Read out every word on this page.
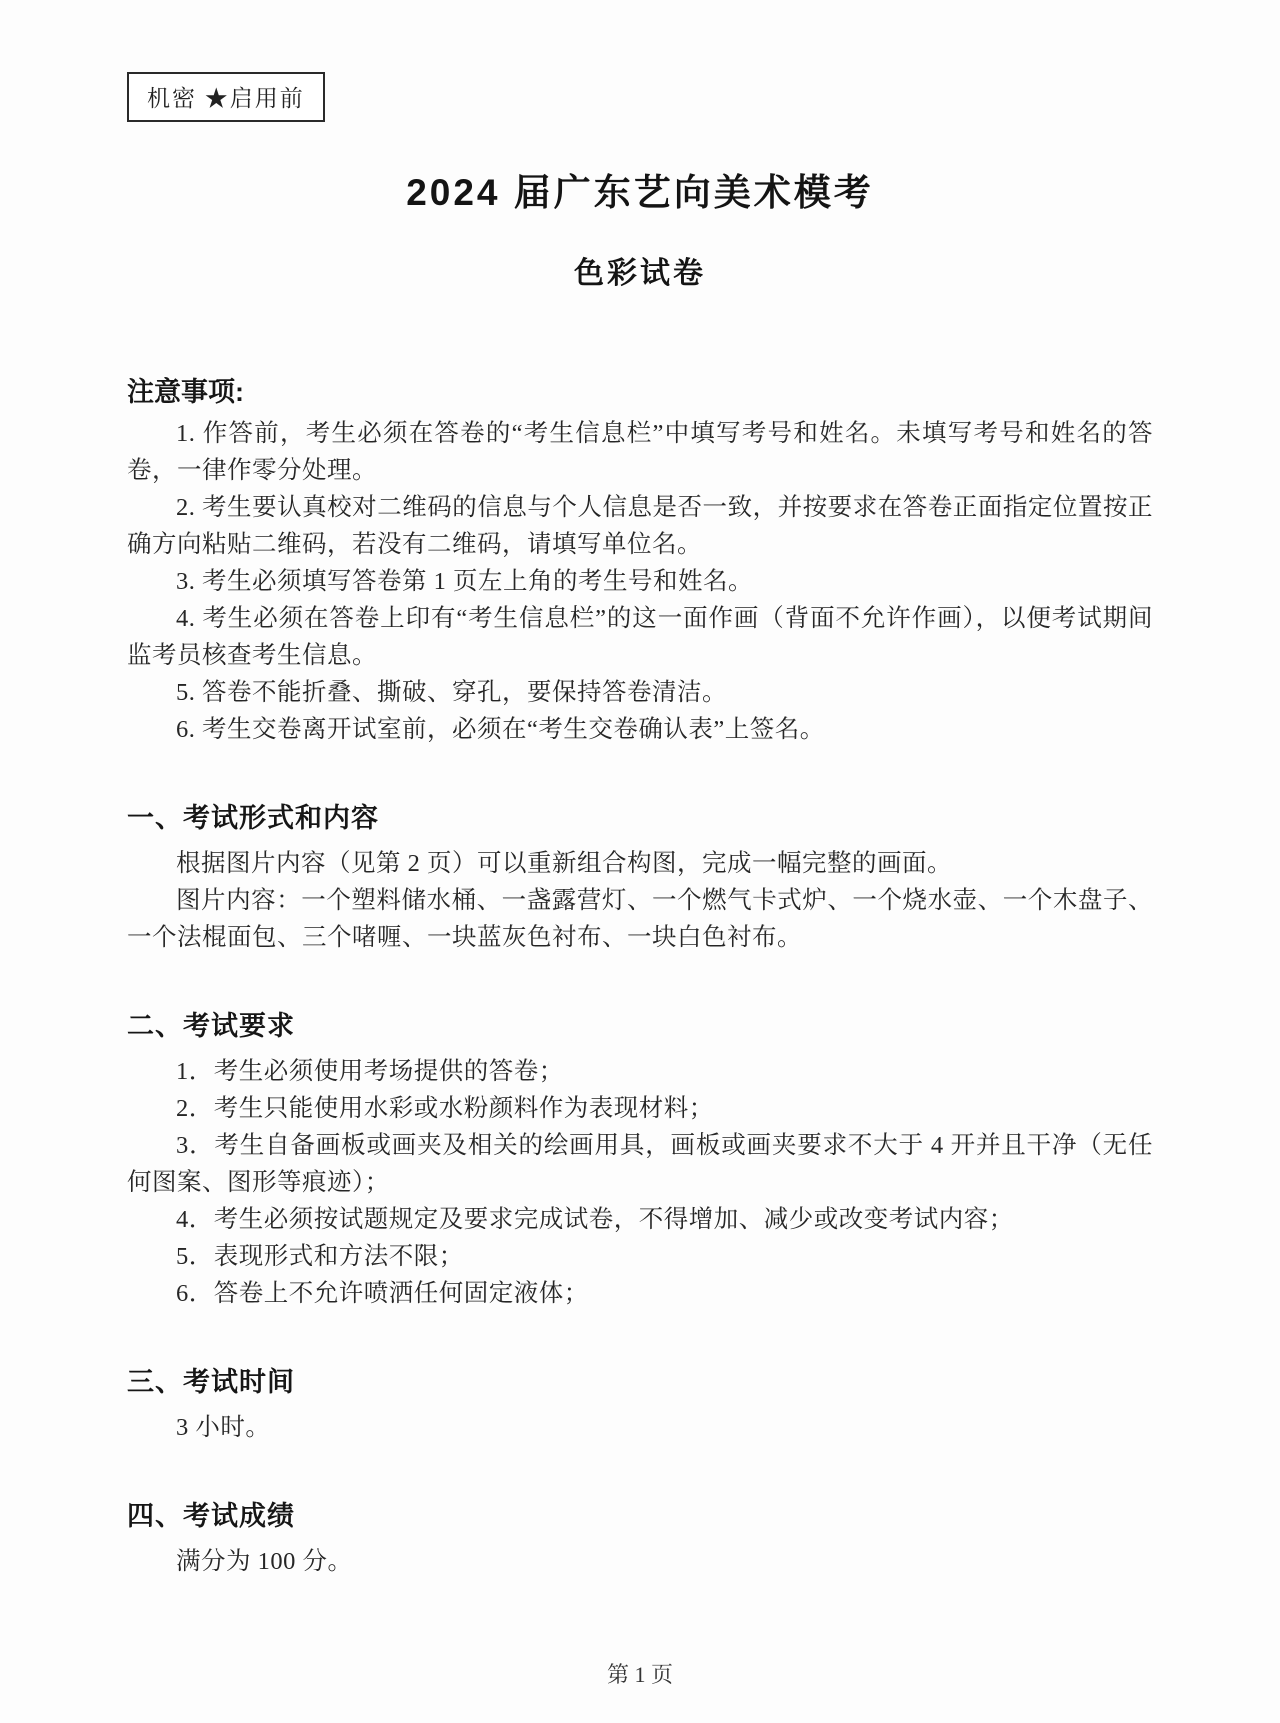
机密 ★启用前
2024 届广东艺向美术模考
色彩试卷
注意事项:

1. 作答前，考生必须在答卷的“考生信息栏”中填写考号和姓名。未填写考号和姓名的答卷，一律作零分处理。

2. 考生要认真校对二维码的信息与个人信息是否一致，并按要求在答卷正面指定位置按正确方向粘贴二维码，若没有二维码，请填写单位名。

3. 考生必须填写答卷第 1 页左上角的考生号和姓名。

4. 考生必须在答卷上印有“考生信息栏”的这一面作画（背面不允许作画），以便考试期间监考员核查考生信息。

5. 答卷不能折叠、撕破、穿孔，要保持答卷清洁。

6. 考生交卷离开试室前，必须在“考生交卷确认表”上签名。

一、考试形式和内容

根据图片内容（见第 2 页）可以重新组合构图，完成一幅完整的画面。

图片内容：一个塑料储水桶、一盏露营灯、一个燃气卡式炉、一个烧水壶、一个木盘子、一个法棍面包、三个啫喱、一块蓝灰色衬布、一块白色衬布。

二、考试要求

1．考生必须使用考场提供的答卷；

2．考生只能使用水彩或水粉颜料作为表现材料；

3．考生自备画板或画夹及相关的绘画用具，画板或画夹要求不大于 4 开并且干净（无任何图案、图形等痕迹）；

4．考生必须按试题规定及要求完成试卷，不得增加、减少或改变考试内容；

5．表现形式和方法不限；

6．答卷上不允许喷洒任何固定液体；

三、考试时间

3 小时。

四、考试成绩

满分为 100 分。

第 1 页
